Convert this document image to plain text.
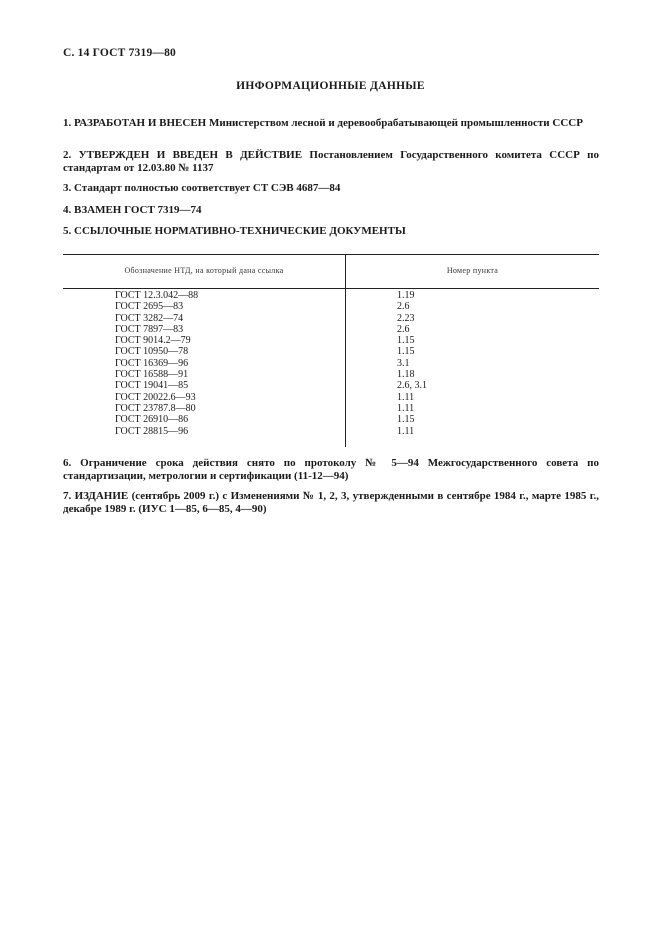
С. 14 ГОСТ 7319—80
ИНФОРМАЦИОННЫЕ ДАННЫЕ
1. РАЗРАБОТАН И ВНЕСЕН Министерством лесной и деревообрабатывающей промышленности СССР
2. УТВЕРЖДЕН И ВВЕДЕН В ДЕЙСТВИЕ Постановлением Государственного комитета СССР по стандартам от 12.03.80 № 1137
3. Стандарт полностью соответствует СТ СЭВ 4687—84
4. ВЗАМЕН ГОСТ 7319—74
5. ССЫЛОЧНЫЕ НОРМАТИВНО-ТЕХНИЧЕСКИЕ ДОКУМЕНТЫ
Обозначение НТД, на который дана ссылка	Номер пункта
ГОСТ 12.3.042—88	1.19
ГОСТ 2695—83	2.6
ГОСТ 3282—74	2.23
ГОСТ 7897—83	2.6
ГОСТ 9014.2—79	1.15
ГОСТ 10950—78	1.15
ГОСТ 16369—96	3.1
ГОСТ 16588—91	1.18
ГОСТ 19041—85	2.6, 3.1
ГОСТ 20022.6—93	1.11
ГОСТ 23787.8—80	1.11
ГОСТ 26910—86	1.15
ГОСТ 28815—96	1.11
6. Ограничение срока действия снято по протоколу № 5—94 Межгосударственного совета по стандартизации, метрологии и сертификации (11-12—94)
7. ИЗДАНИЕ (сентябрь 2009 г.) с Изменениями № 1, 2, 3, утвержденными в сентябре 1984 г., марте 1985 г., декабре 1989 г. (ИУС 1—85, 6—85, 4—90)
